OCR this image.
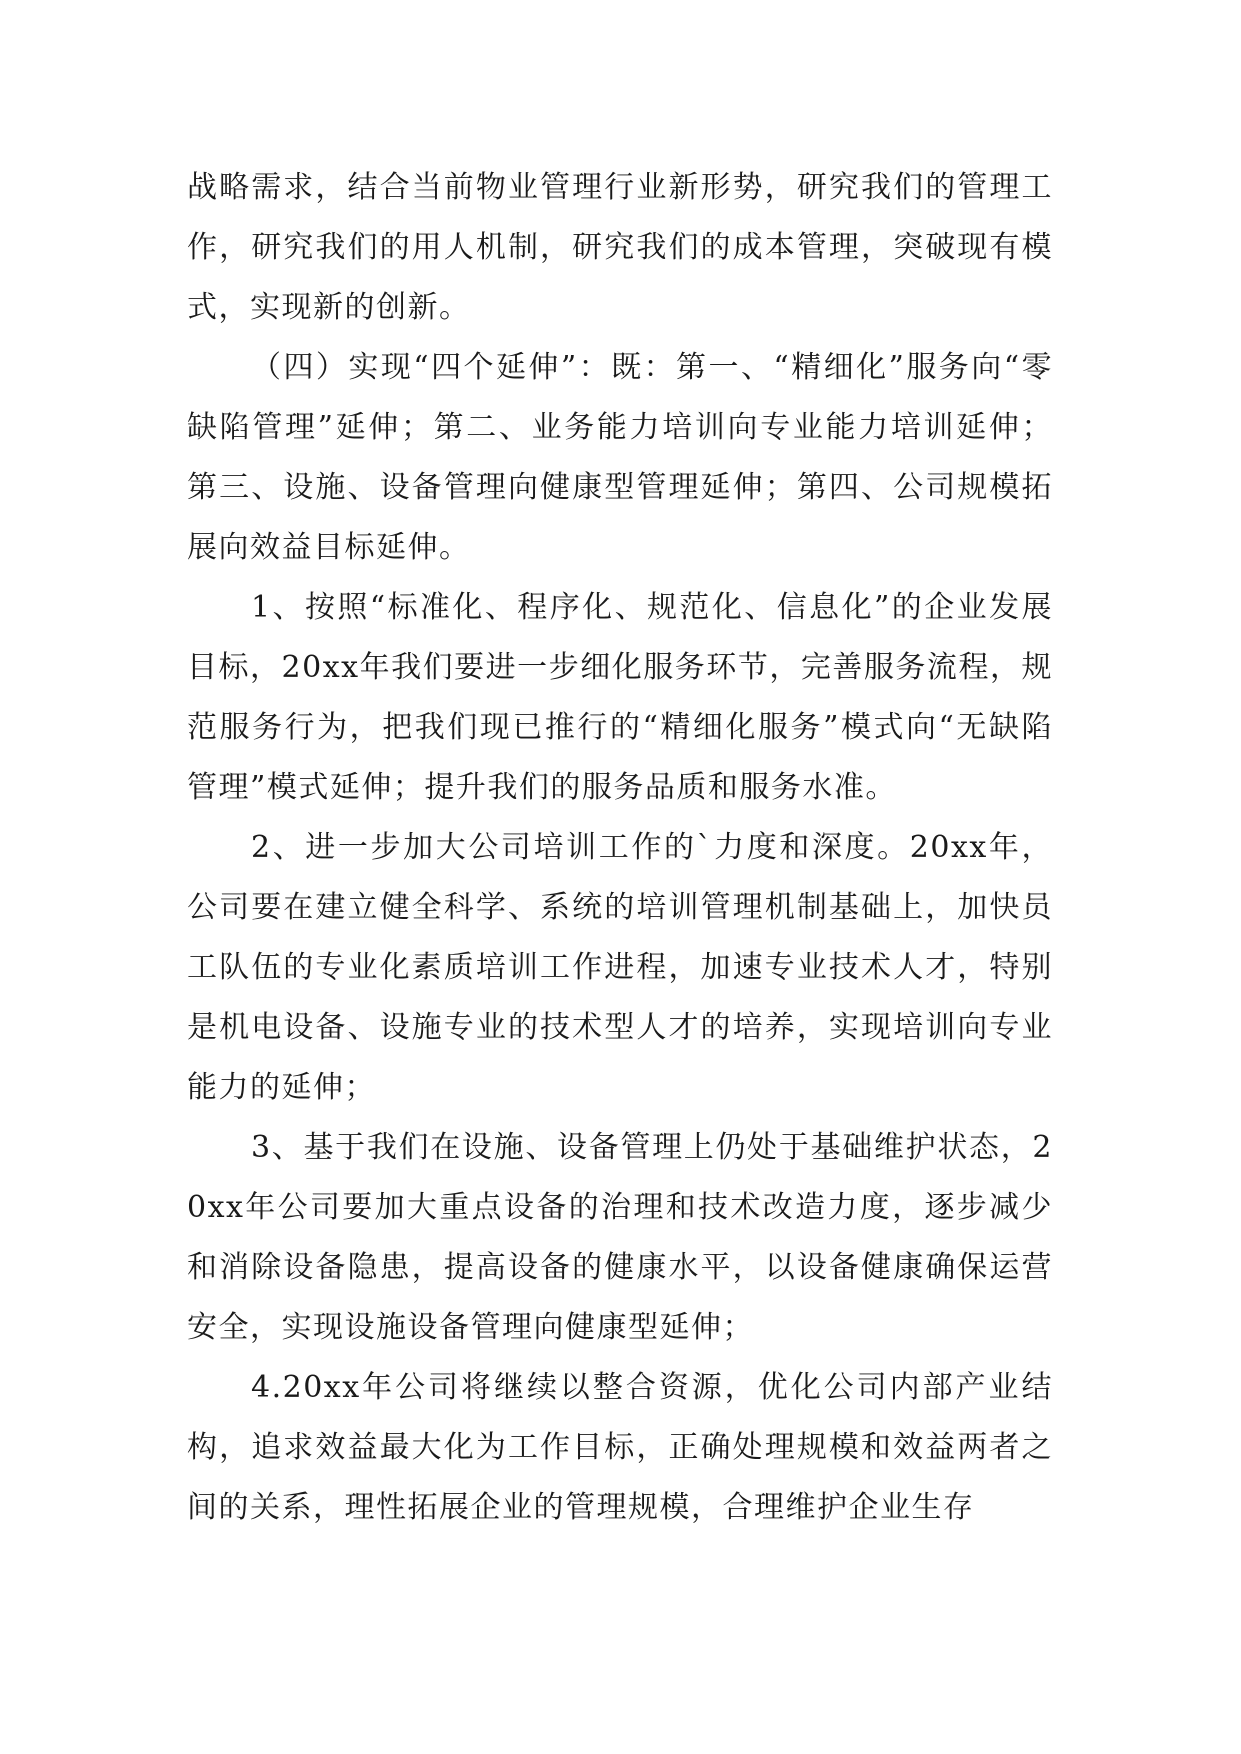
战略需求，结合当前物业管理行业新形势，研究我们的管理工作，研究我们的用人机制，研究我们的成本管理，突破现有模式，实现新的创新。

（四）实现“四个延伸”：既：第一、“精细化”服务向“零缺陷管理”延伸；第二、业务能力培训向专业能力培训延伸；第三、设施、设备管理向健康型管理延伸；第四、公司规模拓展向效益目标延伸。

1、按照“标准化、程序化、规范化、信息化”的企业发展目标，20xx年我们要进一步细化服务环节，完善服务流程，规范服务行为，把我们现已推行的“精细化服务”模式向“无缺陷管理”模式延伸；提升我们的服务品质和服务水准。

2、进一步加大公司培训工作的`力度和深度。20xx年，公司要在建立健全科学、系统的培训管理机制基础上，加快员工队伍的专业化素质培训工作进程，加速专业技术人才，特别是机电设备、设施专业的技术型人才的培养，实现培训向专业能力的延伸；

3、基于我们在设施、设备管理上仍处于基础维护状态，20xx年公司要加大重点设备的治理和技术改造力度，逐步减少和消除设备隐患，提高设备的健康水平，以设备健康确保运营安全，实现设施设备管理向健康型延伸；

4.20xx年公司将继续以整合资源，优化公司内部产业结构，追求效益最大化为工作目标，正确处理规模和效益两者之间的关系，理性拓展企业的管理规模，合理维护企业生存
